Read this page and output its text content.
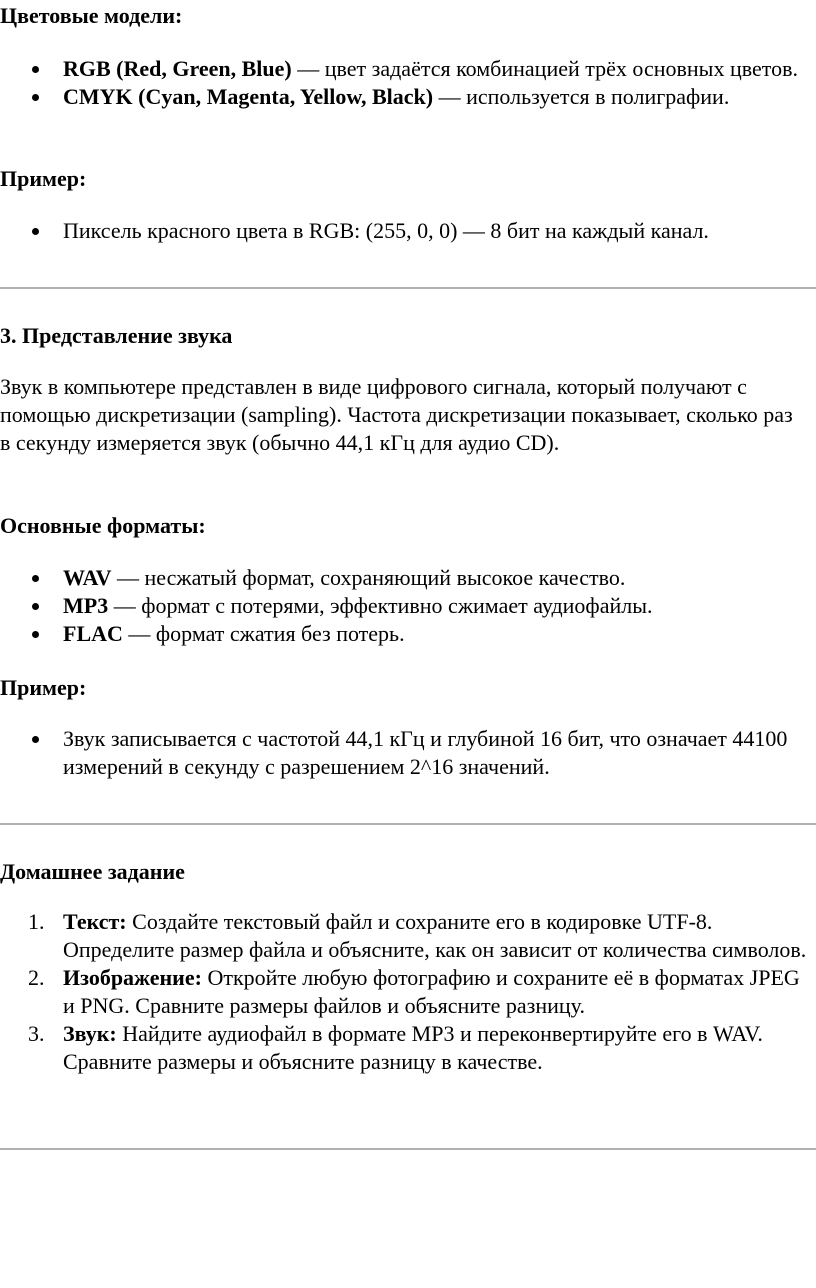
Цветовые модели:
RGB (Red, Green, Blue) — цвет задаётся комбинацией трёх основных цветов.
CMYK (Cyan, Magenta, Yellow, Black) — используется в полиграфии.
Пример:
Пиксель красного цвета в RGB: (255, 0, 0) — 8 бит на каждый канал.
3. Представление звука

Звук в компьютере представлен в виде цифрового сигнала, который получают с помощью дискретизации (sampling). Частота дискретизации показывает, сколько раз в секунду измеряется звук (обычно 44,1 кГц для аудио CD).

Основные форматы:
WAV — несжатый формат, сохраняющий высокое качество.
MP3 — формат с потерями, эффективно сжимает аудиофайлы.
FLAC — формат сжатия без потерь.
Пример:
Звук записывается с частотой 44,1 кГц и глубиной 16 бит, что означает 44100 измерений в секунду с разрешением 2^16 значений.
Домашнее задание
1. Текст: Создайте текстовый файл и сохраните его в кодировке UTF-8. Определите размер файла и объясните, как он зависит от количества символов.
2. Изображение: Откройте любую фотографию и сохраните её в форматах JPEG и PNG. Сравните размеры файлов и объясните разницу.
3. Звук: Найдите аудиофайл в формате MP3 и переконвертируйте его в WAV. Сравните размеры и объясните разницу в качестве.
